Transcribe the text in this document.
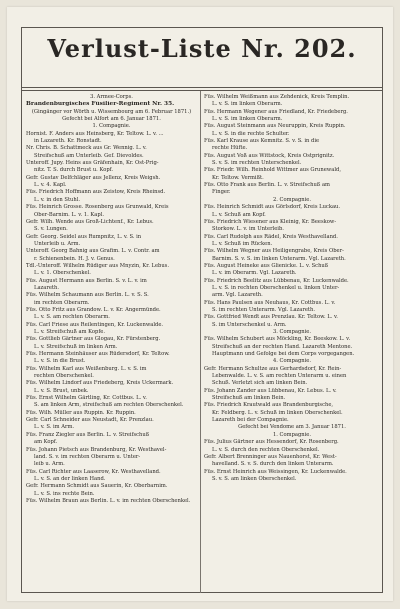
Verlust-Liste Nr. 202.
3. Armee-Corps.
Brandenburgisches Füsilier-Regiment Nr. 35.
(Gingänger vor Wörth u. Wissembourg am 6. Februar 1871.)
Gefecht bei Alfort am 6. Januar 1871.
1. Compagnie.
Hornist. F. Anders aus Heinsberg, Kr. Teltow. L. v. ...
in Lazareth. Kr. Ronstadt.
Nr. Chris. B. Schattmeck aus Gr. Wennig. L. v.
Streifschuß am Unterleib. Gef. Dievoldes.
Unteroff. Jupy. Heins aus Gräfenhain, Kr. Ost-Prig-
nitz. T. S. durch Brust u. Kopf.
Gefr. Gustav Delfchläger aus Jellenz, Kreis Weigsh.
L. v. 4. Kapl.
Füs. Friedrich Hoffmann aus Zeistow, Kreis Rheinsd.
L. v. in den Stuhl.
Füs. Heinrich Grosse. Rosenberg aus Grunwald, Kreis
Ober-Barnim. L. v. 1. Kapl.
Gefr. Wilh. Wende aus Groß-Lichtenf., Kr. Lebus.
S. v. Lungen.
Gefr. Georg. Seidel aus Rumpnitz, L. v. S. in
Unterleib u. Arm.
Unteroff. Georg Bahnig aus Grafim. L. v. Contr. am
r. Schienenbein. H. J. v. Genus.
Tdl.-Unteroff. Wilhelm Rüdiger aus Mnyzin, Kr. Lebus.
L. v. 1. Oberschenkel.
Füs. August Hermann aus Berlin. S. v. L. v. im
Lazareth.
Füs. Wilhelm Schaumann aus Berlin. L. v. S. S.
im rechten Oberarm.
Füs. Otto Fritz aus Grandow. L. v. Kr. Angermünde.
L. v. S. am rechten Oberarm.
Füs. Carl Friese aus Reilentingen, Kr. Luckenwalde.
L. v. Streifschuß am Kopfe.
Füs. Gottlieb Gärtner aus Glogau, Kr. Fürstenberg.
L. v. Streifschuß im linken Arm.
Füs. Hermann Steinhäuser aus Rüdersdorf, Kr. Teltow.
L. v. S. in die Brust.
Füs. Wilhelm Karl aus Weißenburg. L. v. S. im
rechten Oberschenkel.
Füs. Wilhelm Lindorf aus Friedeberg, Kreis Uckermark.
L. v. S. Brust, unbek.
Füs. Ernst Wilhelm Gärtling, Kr. Cottbus. L. v.
S. am linken Arm, streifschuß am rechten Oberschenkel.
Füs. Wilh. Müller aus Ruppin. Kr. Ruppin.
Gefr. Carl Schneider aus Neustadt, Kr. Prenzlau.
L. v. S. im Arm.
Füs. Franz Ziegler aus Berlin. L. v. Streifschuß
am Kopf.
Füs. Johann Pietsch aus Brandenburg, Kr. Westhavel-
land. S. v. im rechten Oberarm u. Unter-
leib u. Arm.
Füs. Carl Richter aus Laaserow, Kr. Westhavelland.
L. v. S. an der linken Hand.
Gefr. Hermann Schmidt aus Sauerin, Kr. Oberbarnim.
L. v. S. ins rechte Bein.
Füs. Wilhelm Braun aus Berlin. L. v. im rechten Oberschenkel.
Füs. Wilhelm Weißmann aus Zehdenick, Kreis Templin.
L. v. S. im linken Oberarm.
Füs. Hermann Wegener aus Friedland, Kr. Friedeberg.
L. v. S. im linken Oberarm.
Füs. August Steinmann aus Neuruppin, Kreis Ruppin.
L. v. S. in die rechte Schulter.
Füs. Karl Krause aus Kemnitz. S. v. S. in die
rechte Hüfte.
Füs. August Voß aus Wittstock, Kreis Ostprignitz.
S. v. S. im rechten Unterschenkel.
Füs. Friedr. Wilh. Reinhold Wittmer aus Grunewald,
Kr. Teltow. Vermißt.
Füs. Otto Frank aus Berlin. L. v. Streifschuß am
Finger.
2. Compagnie.
Füs. Heinrich Schmidt aus Görlsdorf, Kreis Luckau.
L. v. Schuß am Kopf.
Füs. Friedrich Wiesener aus Kleinig, Kr. Beeskow-
Storkow. L. v. im Unterleib.
Füs. Carl Rudolph aus Rädel, Kreis Westhavelland.
L. v. Schuß im Rücken.
Füs. Wilhelm Wegner aus Heiligengrabe, Kreis Ober-
Barnim. S. v. S. im linken Unterarm. Vgl. Lazareth.
Füs. August Heineke aus Glienicke. L. v. Schuß
L. v. im Oberarm. Vgl. Lazareth.
Füs. Friedrich Beelitz aus Lübbenau, Kr. Luckenwalde.
L. v. S. in rechten Oberschenkel u. linken Unter-
arm. Vgl. Lazareth.
Füs. Hans Paulsen aus Neuhaus, Kr. Cottbus. L. v.
S. im rechten Unterarm. Vgl. Lazareth.
Füs. Gottfried Wendt aus Prenzlau. Kr. Teltow. L. v.
S. im Unterschenkel u. Arm.
3. Compagnie.
Füs. Wilhelm Schubert aus Möckling, Kr. Beeskow. L. v.
Streifschuß an der rechten Hand. Lazareth Mentone.
Hauptmann und Gefolge bei dem Corps vorgegangen.
4. Compagnie.
Gefr. Hermann Schultze aus Gerhardsdorf, Kr. Rein-
Lebenwalde. L. v. S. am rechten Unterarm u. einen
Schuß. Verletzt sich am linken Bein.
Füs. Johann Zander aus Lübbenau, Kr. Lebus. L. v.
Streifschuß am linken Bein.
Füs. Friedrich Krautwald aus Brandenburgische,
Kr. Feldberg. L. v. Schuß im linken Oberschenkel.
Lazareth bei der Compagnie.
Gefecht bei Vendome am 3. Januar 1871.
1. Compagnie.
Füs. Julius Gärtner aus Hessendorf, Kr. Rosenberg.
L. v. S. durch den rechten Oberschenkel.
Gefr. Albert Brenninger aus Nauenhorst, Kr. West-
havelland. S. v. S. durch den linken Unterarm.
Füs. Ernst Heinrich aus Weissingen, Kr. Luckenwalde.
S. v. S. am linken Oberschenkel.
